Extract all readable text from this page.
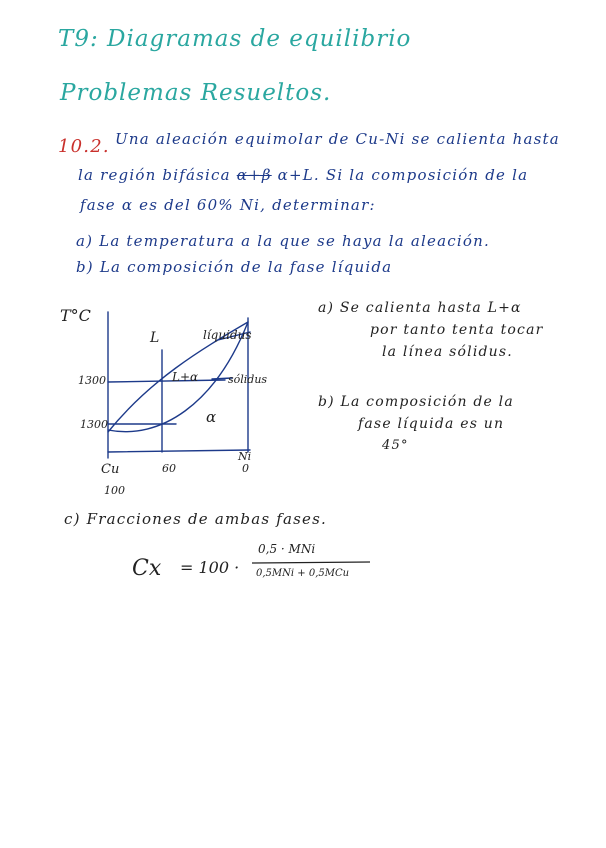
T9: Diagramas de equilibrio
Problemas Resueltos.
10.2. Una aleación equimolar de Cu-Ni se calienta hasta
la región bifásica α+β α+L. Si la composición de la
fase α es del 60% Ni, determinar:
a) La temperatura a la que se haya la aleación.
b) La composición de la fase líquida
T°C
1300
1300
L
L+α
α
líquidus
sólidus
Cu
100
60
Ni
0
a) Se calienta hasta L+α
por tanto tenta tocar
la línea sólidus.
b) La composición de la
fase líquida es un
45°
c) Fracciones de ambas fases.
Cx = 100 ·
0,5 · MNi
0,5MNi + 0,5MCu
